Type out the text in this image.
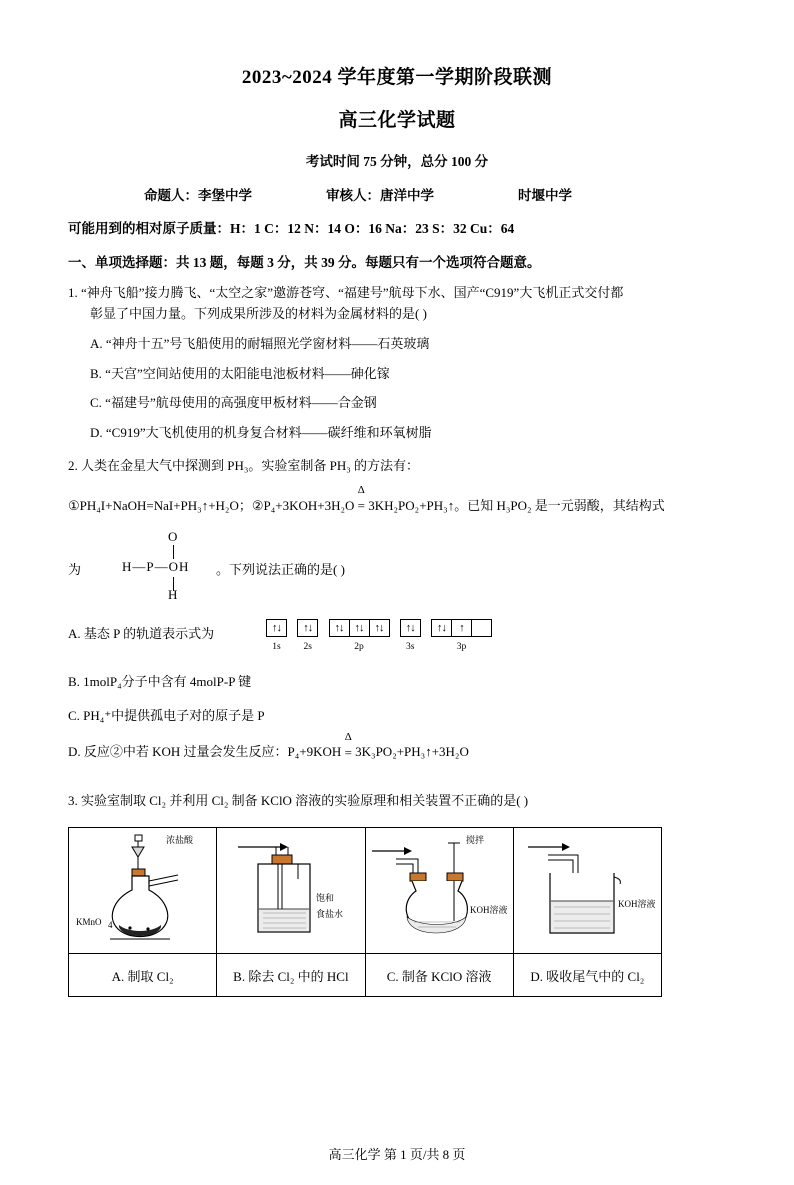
2023~2024 学年度第一学期阶段联测
高三化学试题
考试时间 75 分钟，总分 100 分
命题人：李堡中学	审核人：唐洋中学	时堰中学
可能用到的相对原子质量：H：1 C：12 N：14 O：16 Na：23 S：32 Cu：64
一、单项选择题：共 13 题，每题 3 分，共 39 分。每题只有一个选项符合题意。
1. “神舟飞船”接力腾飞、“太空之家”邀游苍穹、“福建号”航母下水、国产“C919”大飞机正式交付都
彰显了中国力量。下列成果所涉及的材料为金属材料的是( )
A. “神舟十五”号飞船使用的耐辐照光学窗材料——石英玻璃
B. “天宫”空间站使用的太阳能电池板材料——砷化镓
C. “福建号”航母使用的高强度甲板材料——合金钢
D. “C919”大飞机使用的机身复合材料——碳纤维和环氧树脂
2. 人类在金星大气中探测到 PH₃。实验室制备 PH₃ 的方法有：
①PH₄I+NaOH=NaI+PH₃↑+H₂O；②P₄+3KOH+3H₂O
Δ
= 3KH₂PO₂+PH₃↑。已知 H₃PO₂ 是一元弱酸，其结构式
为
O
H—P—OH
H
。下列说法正确的是( )
A. 基态 P 的轨道表示式为	↑↓
1s
↑↓
2s
↑↓	↑↓	↑↓
2p
↑↓
3s
↑↓	↑
3p
B. 1molP₄分子中含有 4molP-P 键
C. PH₄⁺中提供孤电子对的原子是 P
D. 反应②中若 KOH 过量会发生反应：P₄+9KOH
Δ
= 3K₃PO₂+PH₃↑+3H₂O
3. 实验室制取 Cl₂ 并利用 Cl₂ 制备 KClO 溶液的实验原理和相关装置不正确的是( )
浓盐酸
KMnO 4	饱和
食盐水	搅拌
KOH溶液	KOH溶液

A. 制取 Cl₂	B. 除去 Cl₂ 中的 HCl	C. 制备 KClO 溶液	D. 吸收尾气中的 Cl₂
高三化学 第 1 页/共 8 页
